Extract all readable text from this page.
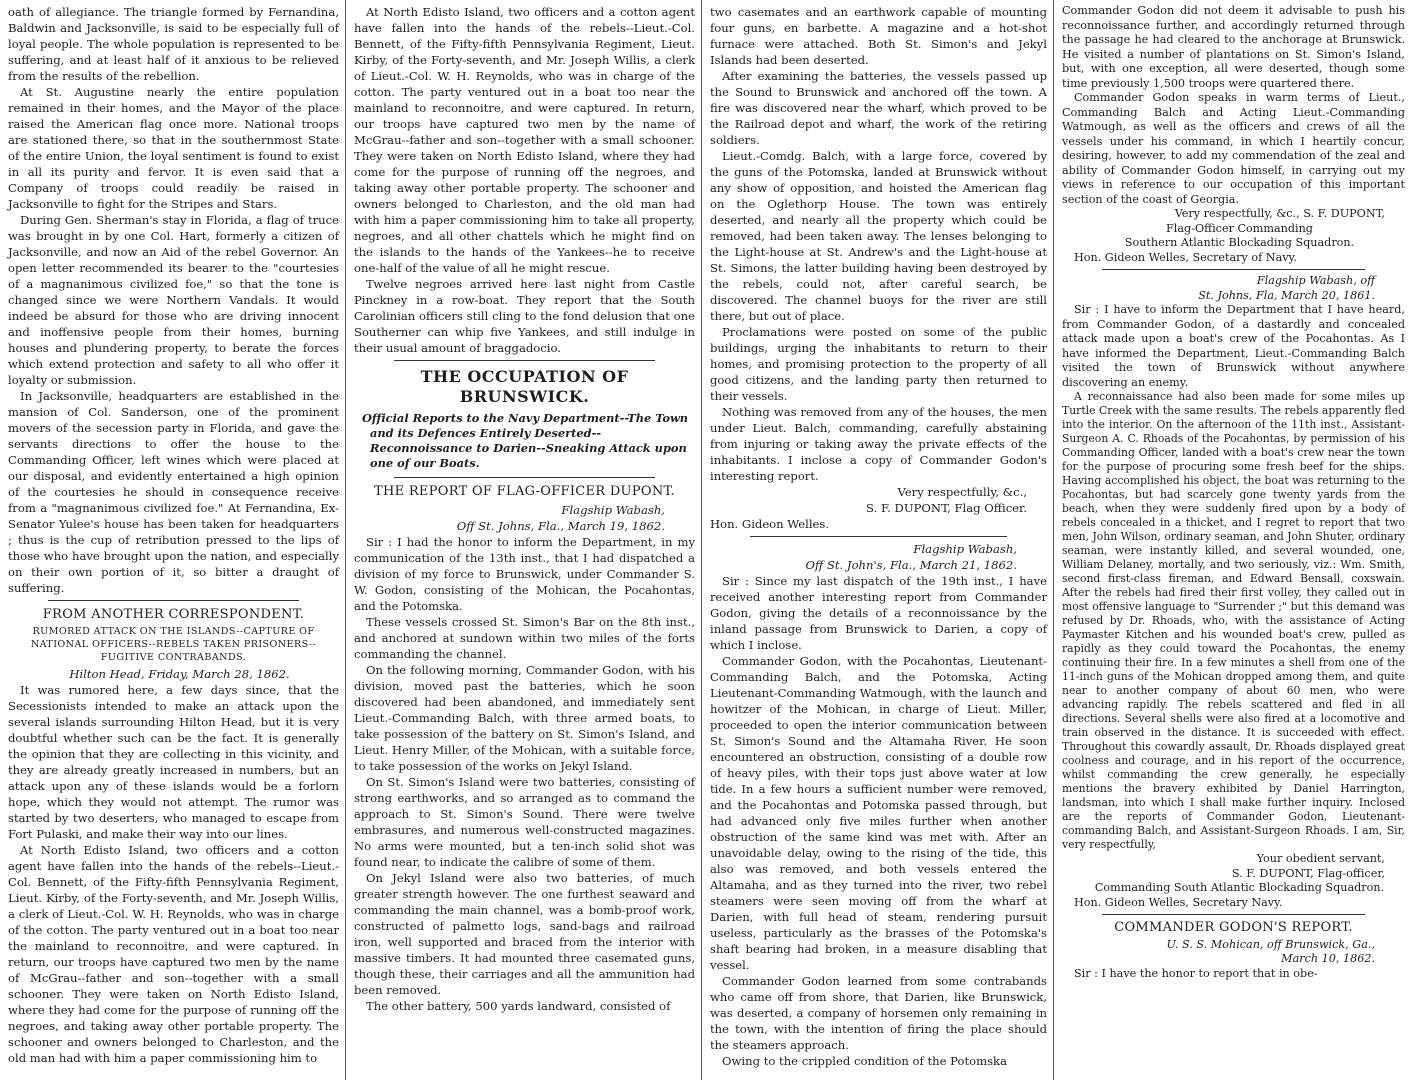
oath of allegiance. The triangle formed by Fernandina, Baldwin and Jacksonville, is said to be especially full of loyal people. The whole population is represented to be suffering, and at least half of it anxious to be relieved from the results of the rebellion.

At St. Augustine nearly the entire population remained in their homes, and the Mayor of the place raised the American flag once more. National troops are stationed there, so that in the southernmost State of the entire Union, the loyal sentiment is found to exist in all its purity and fervor. It is even said that a Company of troops could readily be raised in Jacksonville to fight for the Stripes and Stars.

During Gen. Sherman's stay in Florida, a flag of truce was brought in by one Col. Hart, formerly a citizen of Jacksonville, and now an Aid of the rebel Governor. An open letter recommended its bearer to the "courtesies of a magnanimous civilized foe," so that the tone is changed since we were Northern Vandals. It would indeed be absurd for those who are driving innocent and inoffensive people from their homes, burning houses and plundering property, to berate the forces which extend protection and safety to all who offer it loyalty or submission.

In Jacksonville, headquarters are established in the mansion of Col. Sanderson, one of the prominent movers of the secession party in Florida, and gave the servants directions to offer the house to the Commanding Officer, left wines which were placed at our disposal, and evidently entertained a high opinion of the courtesies he should in consequence receive from a "magnanimous civilized foe." At Fernandina, Ex-Senator Yulee's house has been taken for headquarters ; thus is the cup of retribution pressed to the lips of those who have brought upon the nation, and especially on their own portion of it, so bitter a draught of suffering.

FROM ANOTHER CORRESPONDENT.
RUMORED ATTACK ON THE ISLANDS--CAPTURE OF NATIONAL OFFICERS--REBELS TAKEN PRISONERS--FUGITIVE CONTRABANDS.

Hilton Head, Friday, March 28, 1862.

It was rumored here, a few days since, that the Secessionists intended to make an attack upon the several islands surrounding Hilton Head, but it is very doubtful whether such can be the fact. It is generally the opinion that they are collecting in this vicinity, and they are already greatly increased in numbers, but an attack upon any of these islands would be a forlorn hope, which they would not attempt. The rumor was started by two deserters, who managed to escape from Fort Pulaski, and make their way into our lines.

At North Edisto Island, two officers and a cotton agent have fallen into the hands of the rebels--Lieut.-Col. Bennett, of the Fifty-fifth Pennsylvania Regiment, Lieut. Kirby, of the Forty-seventh, and Mr. Joseph Willis, a clerk of Lieut.-Col. W. H. Reynolds, who was in charge of the cotton. The party ventured out in a boat too near the mainland to reconnoitre, and were captured. In return, our troops have captured two men by the name of McGrau--father and son--together with a small schooner. They were taken on North Edisto Island, where they had come for the purpose of running off the negroes, and taking away other portable property. The schooner and owners belonged to Charleston, and the old man had with him a paper commissioning him to

At North Edisto Island, two officers and a cotton agent have fallen into the hands of the rebels--Lieut.-Col. Bennett, of the Fifty-fifth Pennsylvania Regiment, Lieut. Kirby, of the Forty-seventh, and Mr. Joseph Willis, a clerk of Lieut.-Col. W. H. Reynolds, who was in charge of the cotton. The party ventured out in a boat too near the mainland to reconnoitre, and were captured. In return, our troops have captured two men by the name of McGrau--father and son--together with a small schooner. They were taken on North Edisto Island, where they had come for the purpose of running off the negroes, and taking away other portable property. The schooner and owners belonged to Charleston, and the old man had with him a paper commissioning him to take all property, negroes, and all other chattels which he might find on the islands to the hands of the Yankees--he to receive one-half of the value of all he might rescue.

Twelve negroes arrived here last night from Castle Pinckney in a row-boat. They report that the South Carolinian officers still cling to the fond delusion that one Southerner can whip five Yankees, and still indulge in their usual amount of braggadocio.

THE OCCUPATION OF BRUNSWICK.
Official Reports to the Navy Department--The Town and its Defences Entirely Deserted--Reconnoissance to Darien--Sneaking Attack upon one of our Boats.
THE REPORT OF FLAG-OFFICER DUPONT.

Flagship Wabash,

Off St. Johns, Fla., March 19, 1862.

Sir : I had the honor to inform the Department, in my communication of the 13th inst., that I had dispatched a division of my force to Brunswick, under Commander S. W. Godon, consisting of the Mohican, the Pocahontas, and the Potomska.

These vessels crossed St. Simon's Bar on the 8th inst., and anchored at sundown within two miles of the forts commanding the channel.

On the following morning, Commander Godon, with his division, moved past the batteries, which he soon discovered had been abandoned, and immediately sent Lieut.-Commanding Balch, with three armed boats, to take possession of the battery on St. Simon's Island, and Lieut. Henry Miller, of the Mohican, with a suitable force, to take possession of the works on Jekyl Island.

On St. Simon's Island were two batteries, consisting of strong earthworks, and so arranged as to command the approach to St. Simon's Sound. There were twelve embrasures, and numerous well-constructed magazines. No arms were mounted, but a ten-inch solid shot was found near, to indicate the calibre of some of them.

On Jekyl Island were also two batteries, of much greater strength however. The one furthest seaward and commanding the main channel, was a bomb-proof work, constructed of palmetto logs, sand-bags and railroad iron, well supported and braced from the interior with massive timbers. It had mounted three casemated guns, though these, their carriages and all the ammunition had been removed.

The other battery, 500 yards landward, consisted of

two casemates and an earthwork capable of mounting four guns, en barbette. A magazine and a hot-shot furnace were attached. Both St. Simon's and Jekyl Islands had been deserted.

After examining the batteries, the vessels passed up the Sound to Brunswick and anchored off the town. A fire was discovered near the wharf, which proved to be the Railroad depot and wharf, the work of the retiring soldiers.

Lieut.-Comdg. Balch, with a large force, covered by the guns of the Potomska, landed at Brunswick without any show of opposition, and hoisted the American flag on the Oglethorp House. The town was entirely deserted, and nearly all the property which could be removed, had been taken away. The lenses belonging to the Light-house at St. Andrew's and the Light-house at St. Simons, the latter building having been destroyed by the rebels, could not, after careful search, be discovered. The channel buoys for the river are still there, but out of place.

Proclamations were posted on some of the public buildings, urging the inhabitants to return to their homes, and promising protection to the property of all good citizens, and the landing party then returned to their vessels.

Nothing was removed from any of the houses, the men under Lieut. Balch, commanding, carefully abstaining from injuring or taking away the private effects of the inhabitants. I inclose a copy of Commander Godon's interesting report.

Very respectfully, &c.,

S. F. DUPONT, Flag Officer.

Hon. Gideon Welles.

Flagship Wabash,

Off St. John's, Fla., March 21, 1862.

Sir : Since my last dispatch of the 19th inst., I have received another interesting report from Commander Godon, giving the details of a reconnoissance by the inland passage from Brunswick to Darien, a copy of which I inclose.

Commander Godon, with the Pocahontas, Lieutenant-Commanding Balch, and the Potomska, Acting Lieutenant-Commanding Watmough, with the launch and howitzer of the Mohican, in charge of Lieut. Miller, proceeded to open the interior communication between St. Simon's Sound and the Altamaha River. He soon encountered an obstruction, consisting of a double row of heavy piles, with their tops just above water at low tide. In a few hours a sufficient number were removed, and the Pocahontas and Potomska passed through, but had advanced only five miles further when another obstruction of the same kind was met with. After an unavoidable delay, owing to the rising of the tide, this also was removed, and both vessels entered the Altamaha, and as they turned into the river, two rebel steamers were seen moving off from the wharf at Darien, with full head of steam, rendering pursuit useless, particularly as the brasses of the Potomska's shaft bearing had broken, in a measure disabling that vessel.

Commander Godon learned from some contrabands who came off from shore, that Darien, like Brunswick, was deserted, a company of horsemen only remaining in the town, with the intention of firing the place should the steamers approach.

Owing to the crippled condition of the Potomska

Commander Godon did not deem it advisable to push his reconnoissance further, and accordingly returned through the passage he had cleared to the anchorage at Brunswick. He visited a number of plantations on St. Simon's Island, but, with one exception, all were deserted, though some time previously 1,500 troops were quartered there.

Commander Godon speaks in warm terms of Lieut., Commanding Balch and Acting Lieut.-Commanding Watmough, as well as the officers and crews of all the vessels under his command, in which I heartily concur, desiring, however, to add my commendation of the zeal and ability of Commander Godon himself, in carrying out my views in reference to our occupation of this important section of the coast of Georgia.

Very respectfully, &c., S. F. DUPONT,

Flag-Officer Commanding

Southern Atlantic Blockading Squadron.

Hon. Gideon Welles, Secretary of Navy.

Flagship Wabash, off

St. Johns, Fla, March 20, 1861.

Sir : I have to inform the Department that I have heard, from Commander Godon, of a dastardly and concealed attack made upon a boat's crew of the Pocahontas. As I have informed the Department, Lieut.-Commanding Balch visited the town of Brunswick without anywhere discovering an enemy.

A reconnaissance had also been made for some miles up Turtle Creek with the same results. The rebels apparently fled into the interior. On the afternoon of the 11th inst., Assistant-Surgeon A. C. Rhoads of the Pocahontas, by permission of his Commanding Officer, landed with a boat's crew near the town for the purpose of procuring some fresh beef for the ships. Having accomplished his object, the boat was returning to the Pocahontas, but had scarcely gone twenty yards from the beach, when they were suddenly fired upon by a body of rebels concealed in a thicket, and I regret to report that two men, John Wilson, ordinary seaman, and John Shuter, ordinary seaman, were instantly killed, and several wounded, one, William Delaney, mortally, and two seriously, viz.: Wm. Smith, second first-class fireman, and Edward Bensall, coxswain. After the rebels had fired their first volley, they called out in most offensive language to "Surrender ;" but this demand was refused by Dr. Rhoads, who, with the assistance of Acting Paymaster Kitchen and his wounded boat's crew, pulled as rapidly as they could toward the Pocahontas, the enemy continuing their fire. In a few minutes a shell from one of the 11-inch guns of the Mohican dropped among them, and quite near to another company of about 60 men, who were advancing rapidly. The rebels scattered and fled in all directions. Several shells were also fired at a locomotive and train observed in the distance. It is succeeded with effect. Throughout this cowardly assault, Dr. Rhoads displayed great coolness and courage, and in his report of the occurrence, whilst commanding the crew generally, he especially mentions the bravery exhibited by Daniel Harrington, landsman, into which I shall make further inquiry. Inclosed are the reports of Commander Godon, Lieutenant-commanding Balch, and Assistant-Surgeon Rhoads. I am, Sir, very respectfully,

Your obedient servant,

S. F. DUPONT, Flag-officer,

Commanding South Atlantic Blockading Squadron.

Hon. Gideon Welles, Secretary Navy.

COMMANDER GODON'S REPORT.

U. S. S. Mohican, off Brunswick, Ga.,

March 10, 1862.

Sir : I have the honor to report that in obe-
